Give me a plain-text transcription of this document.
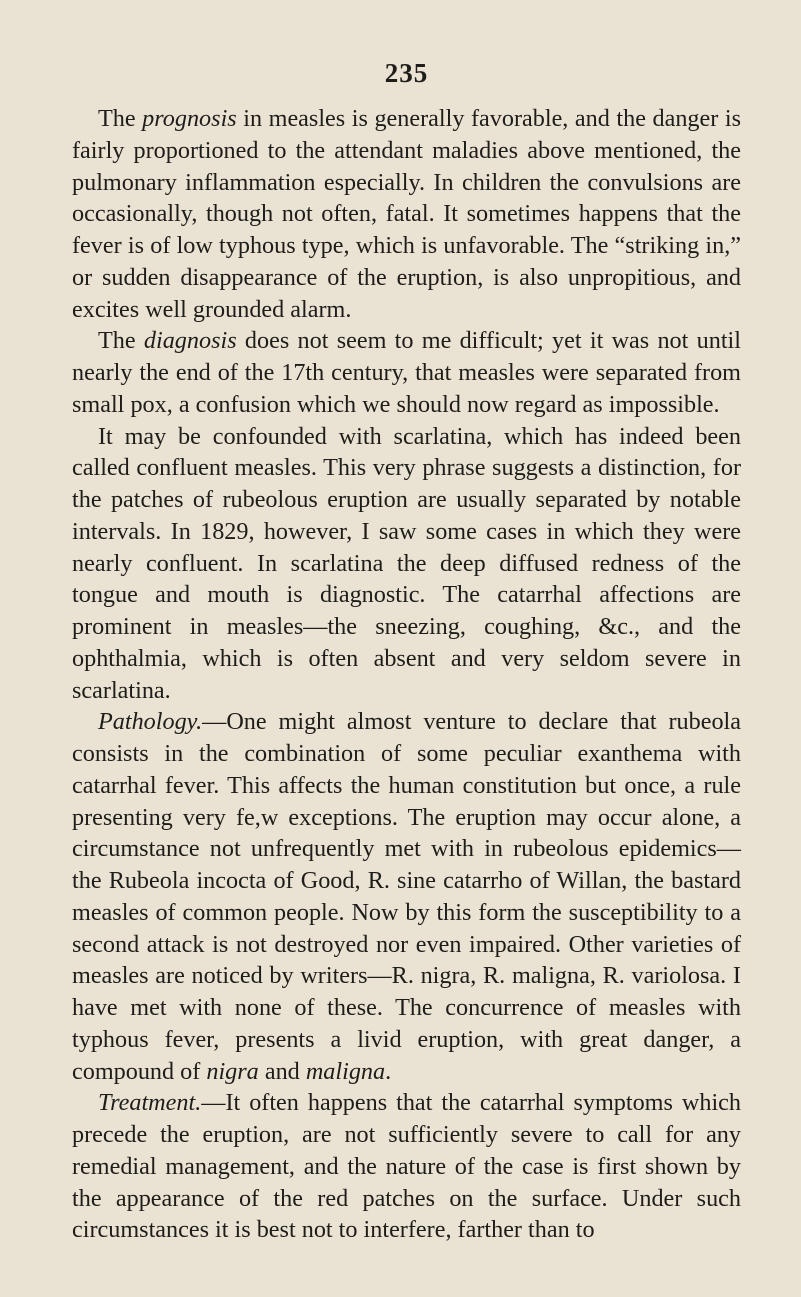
235

The prognosis in measles is generally favorable, and the danger is fairly proportioned to the attendant maladies above mentioned, the pulmonary inflammation especially. In children the convulsions are occasionally, though not often, fatal. It sometimes happens that the fever is of low typhous type, which is unfavorable. The “striking in,” or sudden disappearance of the eruption, is also unpropitious, and excites well grounded alarm.

The diagnosis does not seem to me difficult; yet it was not until nearly the end of the 17th century, that measles were separated from small pox, a confusion which we should now regard as impossible.

It may be confounded with scarlatina, which has indeed been called confluent measles. This very phrase suggests a distinction, for the patches of rubeolous eruption are usually separated by notable intervals. In 1829, however, I saw some cases in which they were nearly confluent. In scarlatina the deep diffused redness of the tongue and mouth is diagnostic. The catarrhal affections are prominent in measles—the sneezing, coughing, &c., and the ophthalmia, which is often absent and very seldom severe in scarlatina.

Pathology.—One might almost venture to declare that rubeola consists in the combination of some peculiar exanthema with catarrhal fever. This affects the human constitution but once, a rule presenting very fe,w exceptions. The eruption may occur alone, a circumstance not unfrequently met with in rubeolous epidemics—the Rubeola incocta of Good, R. sine catarrho of Willan, the bastard measles of common people. Now by this form the susceptibility to a second attack is not destroyed nor even impaired. Other varieties of measles are noticed by writers—R. nigra, R. maligna, R. variolosa. I have met with none of these. The concurrence of measles with typhous fever, presents a livid eruption, with great danger, a compound of nigra and maligna.

Treatment.—It often happens that the catarrhal symptoms which precede the eruption, are not sufficiently severe to call for any remedial management, and the nature of the case is first shown by the appearance of the red patches on the surface. Under such circumstances it is best not to interfere, farther than to
